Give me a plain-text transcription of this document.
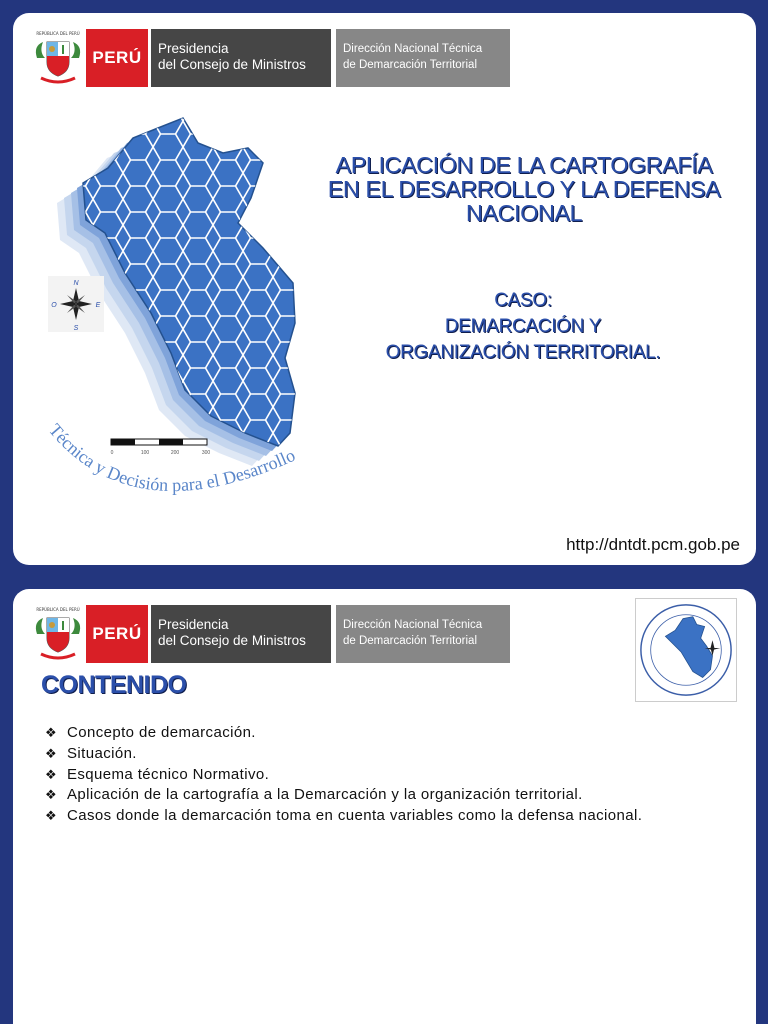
REPÚBLICA DEL PERÚ
PERÚ	Presidencia
del Consejo de Ministros
Dirección Nacional Técnica
de Demarcación Territorial
N
S
E
O
0	100	200	300
Técnica y Decisión para el Desarrollo
APLICACIÓN DE LA CARTOGRAFÍA
EN EL DESARROLLO Y LA DEFENSA
NACIONAL
CASO:
DEMARCACIÓN Y
ORGANIZACIÓN TERRITORIAL.
http://dntdt.pcm.gob.pe
REPÚBLICA DEL PERÚ
PERÚ	Presidencia
del Consejo de Ministros
Dirección Nacional Técnica
de Demarcación Territorial
CONTENIDO
❖ Concepto de demarcación.
❖ Situación.
❖ Esquema técnico Normativo.
❖ Aplicación de la cartografía a la Demarcación y la organización territorial.
❖ Casos donde la demarcación toma en cuenta variables como la defensa nacional.
